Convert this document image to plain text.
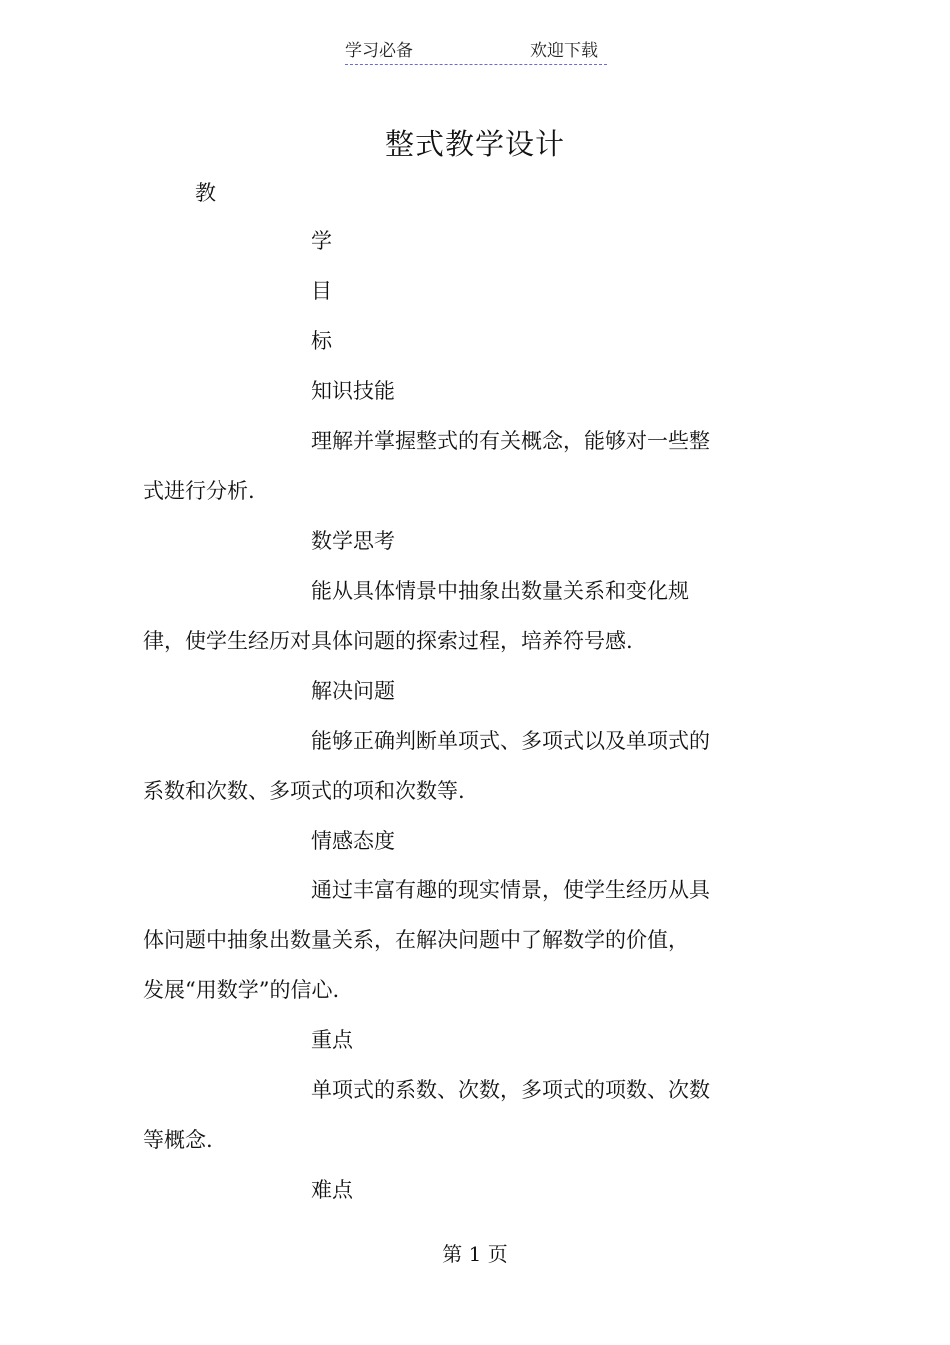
学习必备	欢迎下载
整式教学设计
教
学
目
标
知识技能
理解并掌握整式的有关概念，能够对一些整
式进行分析.
数学思考
能从具体情景中抽象出数量关系和变化规
律，使学生经历对具体问题的探索过程，培养符号感.
解决问题
能够正确判断单项式、多项式以及单项式的
系数和次数、多项式的项和次数等.
情感态度
通过丰富有趣的现实情景，使学生经历从具
体问题中抽象出数量关系，在解决问题中了解数学的价值，
发展“用数学”的信心.
重点
单项式的系数、次数，多项式的项数、次数
等概念.
难点
第 1 页
